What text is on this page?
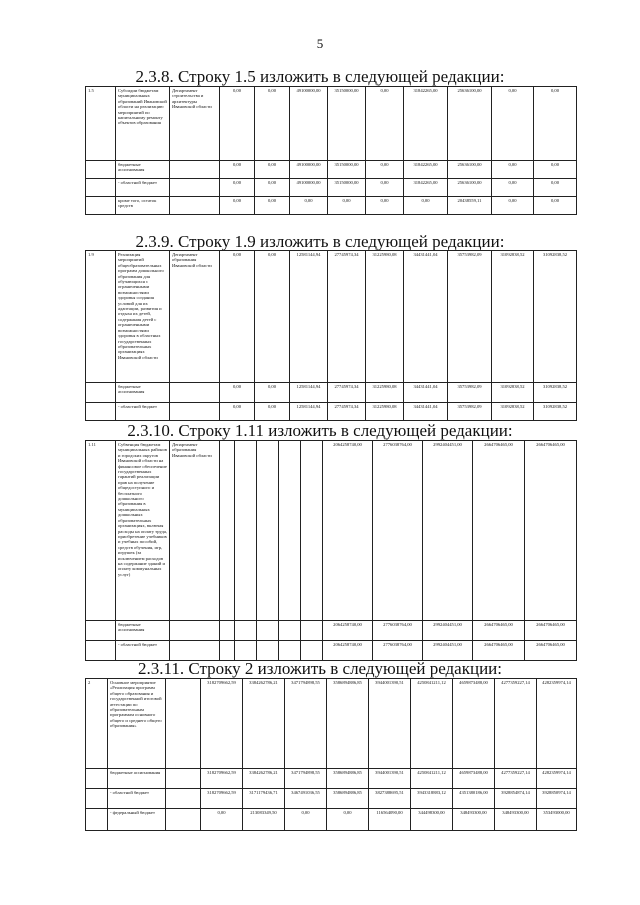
5
2.3.8. Строку 1.5 изложить в следующей редакции:
1.5	Субсидии бюджетам муниципальных образований Ивановской области на реализацию мероприятий по капитальному ремонту объектов образования	Департамент строительства и архитектуры Ивановской области	0,00	0,00	49100000,00	35150000,00	0,00	31842265,00	25636100,00	0,00	0,00
	бюджетные ассигнования		0,00	0,00	49100000,00	35150000,00	0,00	31842265,00	25636100,00	0,00	0,00
	- областной бюджет		0,00	0,00	49100000,00	35150000,00	0,00	31842265,00	25636100,00	0,00	0,00
	кроме того, остаток средств		0,00	0,00	0,00	0,00	0,00	0,00	20438559,11	0,00	0,00
2.3.9. Строку 1.9 изложить в следующей редакции:
1.9	Реализация мероприятий общеобразовательных программ дошкольного образования для обучающихся с ограниченными возможностями здоровья создания условий для их адаптации, развития и отдыха их детей, содержания детей с ограниченными возможностями здоровья в областных государственных образовательных организациях Ивановской области	Департамент образования Ивановской области	0,00	0,00	12581144,94	27745974,34	31225980,08	34431441,04	35753982,09	31092838,52	31092838,52
	бюджетные ассигнования		0,00	0,00	12581144,94	27745974,34	31225980,08	34431441,04	35753982,09	31092838,52	31092838,52
	- областной бюджет		0,00	0,00	12581144,94	27745974,34	31225980,08	34431441,04	35753982,09	31092838,52	31092838,52
2.3.10. Строку 1.11 изложить в следующей редакции:
1.11	Субвенция бюджетам муниципальных районов и городских округов Ивановской области на финансовое обеспечение государственных гарантий реализации прав на получение общедоступного и бесплатного дошкольного образования в муниципальных дошкольных образовательных организациях, включая расходы на оплату труда, приобретение учебников и учебных пособий, средств обучения, игр, игрушек (за исключением расходов на содержание зданий и оплату коммунальных услуг)	Департамент образования Ивановской области						2064258740,00	2776038764,00	2992404451,00	2664706465,00	2664706465,00
	бюджетные ассигнования							2064258740,00	2776038764,00	2992404451,00	2664706465,00	2664706465,00
	- областной бюджет							2064258740,00	2776038764,00	2992404451,00	2664706465,00	2664706465,00
2.3.11. Строку 2 изложить в следующей редакции:
2	Основное мероприятие «Реализация программ общего образования и государственной итоговой аттестации по образовательным программам основного общего и среднего общего образования»		3182709662,59	3384262786,21	3471794898,55	3586894886,85	3944001390,51	4250841211,12	4659873488,00	4277359227,14	4282359974,14
	бюджетные ассигнования		3182709662,59	3384262786,21	3471794898,55	3586894886,85	3944001390,51	4250841211,12	4659873488,00	4277359227,14	4282359974,14
	- областной бюджет		3182709662,59	3171179436,71	3467491036,55	3586894886,85	3827388695,51	3943318883,12	4351380186,00	3928854874,14	3928850974,14
	- федеральный бюджет		0,00	213083349,50	0,00	0,00	116564090,00	344498300,00	348493300,00	348493300,00	353493000,00
